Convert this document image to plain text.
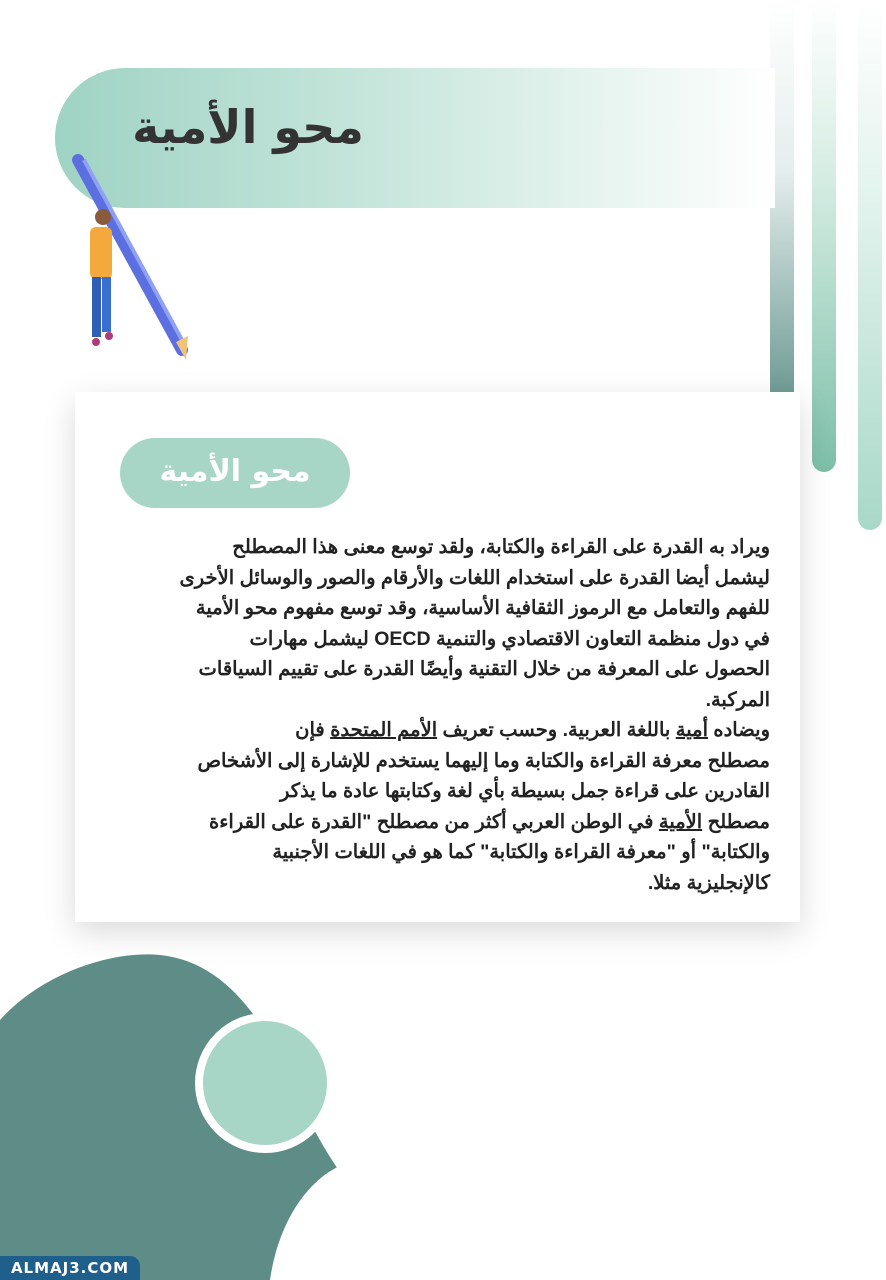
محو الأمية
محو الأمية
ويراد به القدرة على القراءة والكتابة، ولقد توسع معنى هذا المصطلح
ليشمل أيضا القدرة على استخدام اللغات والأرقام والصور والوسائل الأخرى
للفهم والتعامل مع الرموز الثقافية الأساسية، وقد توسع مفهوم محو الأمية
في دول منظمة التعاون الاقتصادي والتنمية OECD ليشمل مهارات
الحصول على المعرفة من خلال التقنية وأيضًا القدرة على تقييم السياقات
المركبة.
ويضاده أمية باللغة العربية. وحسب تعريف الأمم المتحدة فإن
مصطلح معرفة القراءة والكتابة وما إليهما يستخدم للإشارة إلى الأشخاص
القادرين على قراءة جمل بسيطة بأي لغة وكتابتها عادة ما يذكر
مصطلح الأمية في الوطن العربي أكثر من مصطلح "القدرة على القراءة
والكتابة" أو "معرفة القراءة والكتابة" كما هو في اللغات الأجنبية
كالإنجليزية مثلا.
ALMAJ3.COM
